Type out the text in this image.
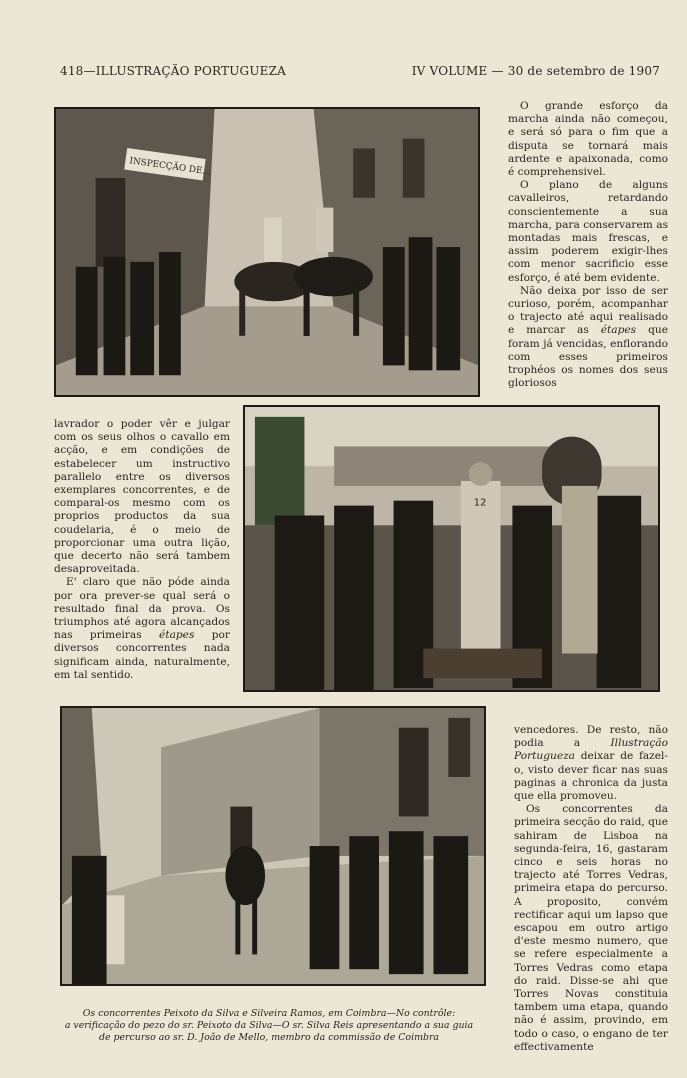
418—ILLUSTRAÇÃO PORTUGUEZA	IV VOLUME — 30 de setembro de 1907
INSPECÇÃO DE...

O grande esforço da marcha ainda não começou, e será só para o fim que a disputa se tornará mais ardente e apaixonada, como é comprehensivel.

O plano de alguns cavalleiros, retardando conscientemente a sua marcha, para conservarem as montadas mais frescas, e assim poderem exigir-lhes com menor sacrificio esse esforço, é até bem evidente.

Não deixa por isso de ser curioso, porém, acompanhar o trajecto até aqui realisado e marcar as étapes que foram já vencidas, enflorando com esses primeiros trophéos os nomes dos seus gloriosos

lavrador o poder vêr e julgar com os seus olhos o cavallo em acção, e em condições de estabelecer um instructivo parallelo entre os diversos exemplares concorrentes, e de comparal-os mesmo com os proprios productos da sua coudelaria, é o meio de proporcionar uma outra lição, que decerto não será tambem desaproveitada.

E' claro que não póde ainda por ora prever-se qual será o resultado final da prova. Os triumphos até agora alcançados nas primeiras étapes por diversos concorrentes nada significam ainda, naturalmente, em tal sentido.

12

vencedores. De resto, não podia a	Illustração Portugueza deixar de fazel-o, visto dever ficar nas suas paginas a chronica da justa que ella promoveu.

Os concorrentes da primeira secção do raid, que sahiram de Lisboa na segunda-feira, 16, gastaram cinco e seis horas no trajecto até Torres Vedras, primeira etapa do percurso. A proposito, convém rectificar aqui um lapso que escapou em outro artigo d'este mesmo numero, que se refere especialmente a Torres Vedras como etapa do raid. Disse-se ahi que Torres Novas constituia tambem uma etapa, quando não é assim, provindo, em todo o caso, o engano de ter effectivamente

Os concorrentes Peixoto da Silva e Silveira Ramos, em Coimbra—No contrôle:
a verificação do pezo do sr. Peixoto da Silva—O sr. Silva Reis apresentando a sua guia
de percurso ao sr. D. João de Mello, membro da commissão de Coimbra
